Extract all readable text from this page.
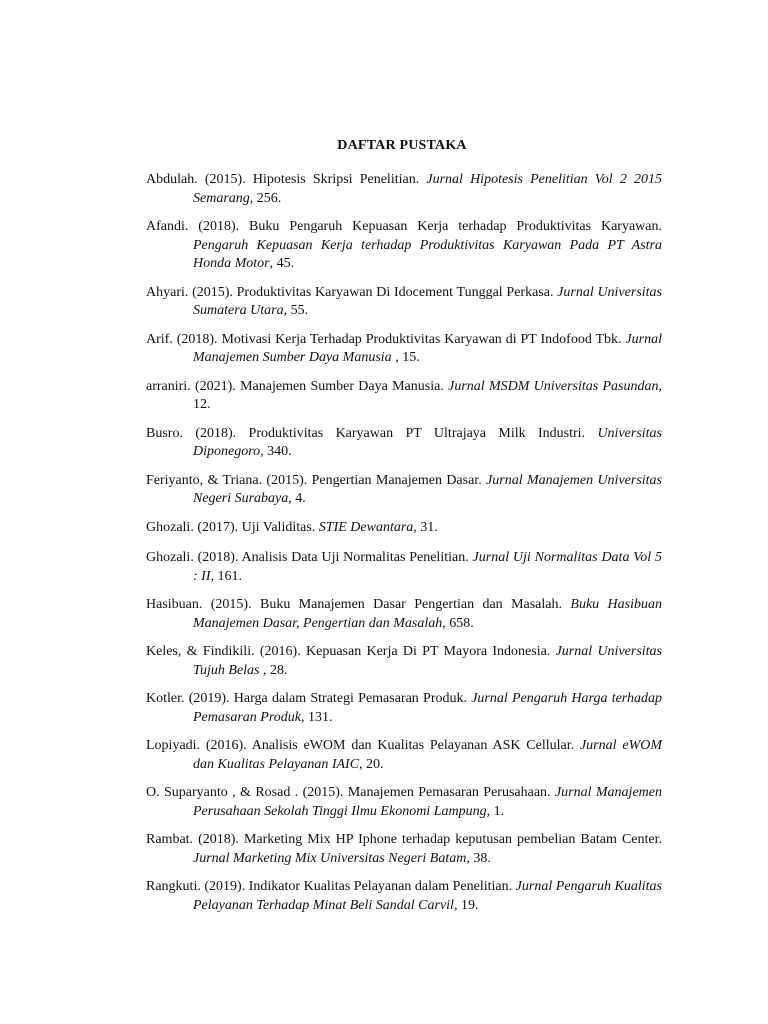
DAFTAR PUSTAKA
Abdulah. (2015). Hipotesis Skripsi Penelitian. Jurnal Hipotesis Penelitian Vol 2 2015 Semarang, 256.
Afandi. (2018). Buku Pengaruh Kepuasan Kerja terhadap Produktivitas Karyawan. Pengaruh Kepuasan Kerja terhadap Produktivitas Karyawan Pada PT Astra Honda Motor, 45.
Ahyari. (2015). Produktivitas Karyawan Di Idocement Tunggal Perkasa. Jurnal Universitas Sumatera Utara, 55.
Arif. (2018). Motivasi Kerja Terhadap Produktivitas Karyawan di PT Indofood Tbk. Jurnal Manajemen Sumber Daya Manusia , 15.
arraniri. (2021). Manajemen Sumber Daya Manusia. Jurnal MSDM Universitas Pasundan, 12.
Busro. (2018). Produktivitas Karyawan PT Ultrajaya Milk Industri. Universitas Diponegoro, 340.
Feriyanto, & Triana. (2015). Pengertian Manajemen Dasar. Jurnal Manajemen Universitas Negeri Surabaya, 4.
Ghozali. (2017). Uji Validitas. STIE Dewantara, 31.
Ghozali. (2018). Analisis Data Uji Normalitas Penelitian. Jurnal Uji Normalitas Data Vol 5 : II, 161.
Hasibuan. (2015). Buku Manajemen Dasar Pengertian dan Masalah. Buku Hasibuan Manajemen Dasar, Pengertian dan Masalah, 658.
Keles, & Findikili. (2016). Kepuasan Kerja Di PT Mayora Indonesia. Jurnal Universitas Tujuh Belas , 28.
Kotler. (2019). Harga dalam Strategi Pemasaran Produk. Jurnal Pengaruh Harga terhadap Pemasaran Produk, 131.
Lopiyadi. (2016). Analisis eWOM dan Kualitas Pelayanan ASK Cellular. Jurnal eWOM dan Kualitas Pelayanan IAIC, 20.
O. Suparyanto , & Rosad . (2015). Manajemen Pemasaran Perusahaan. Jurnal Manajemen Perusahaan Sekolah Tinggi Ilmu Ekonomi Lampung, 1.
Rambat. (2018). Marketing Mix HP Iphone terhadap keputusan pembelian Batam Center. Jurnal Marketing Mix Universitas Negeri Batam, 38.
Rangkuti. (2019). Indikator Kualitas Pelayanan dalam Penelitian. Jurnal Pengaruh Kualitas Pelayanan Terhadap Minat Beli Sandal Carvil, 19.
